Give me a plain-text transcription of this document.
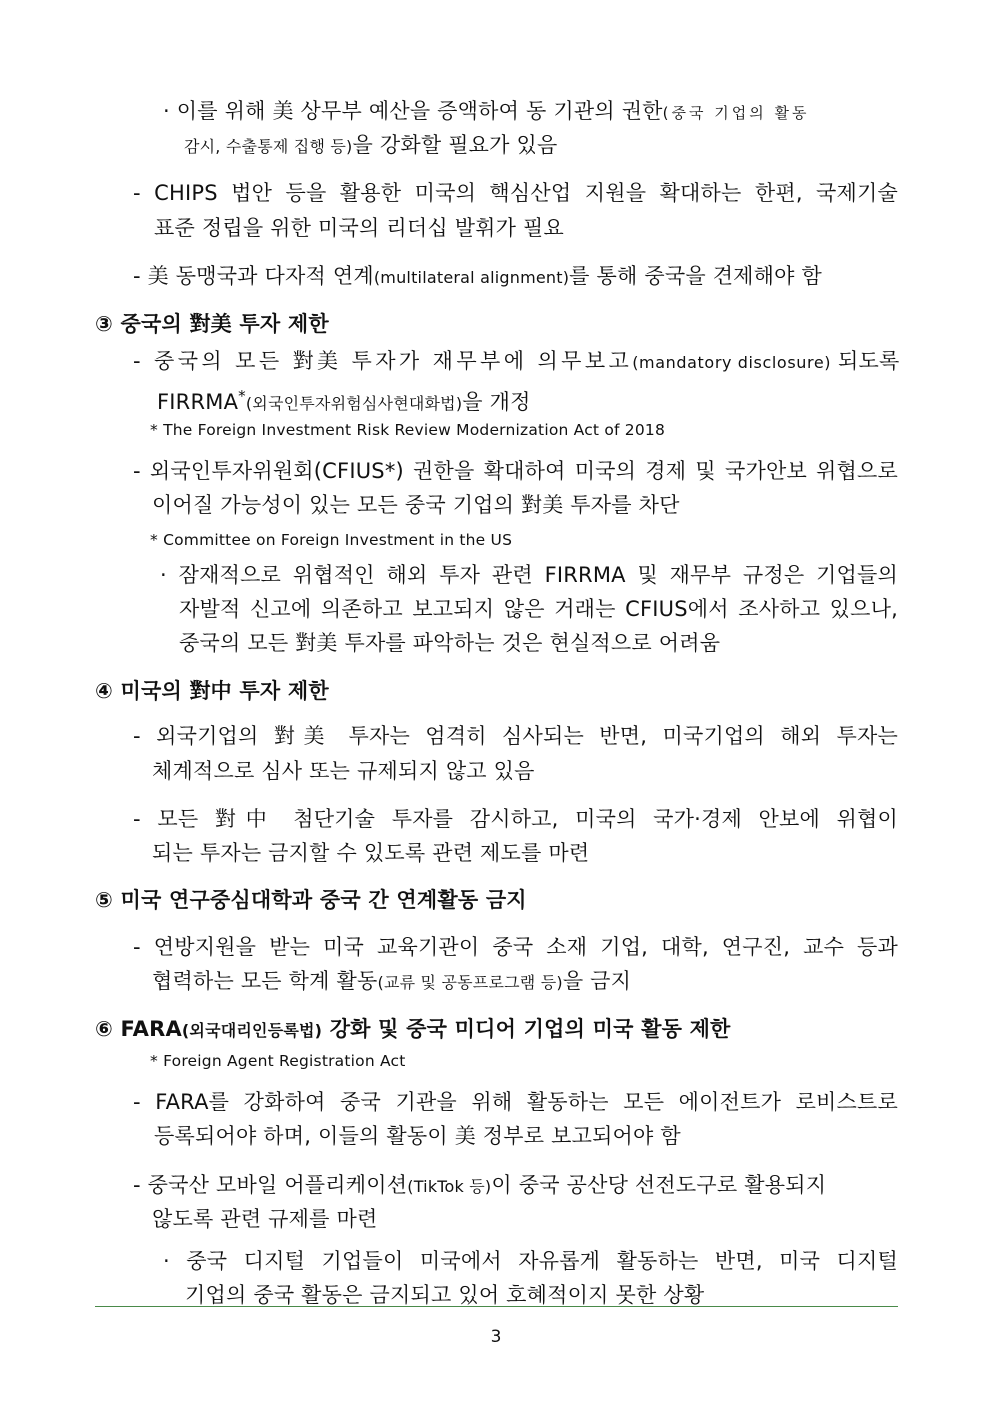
· 이를 위해 美 상무부 예산을 증액하여 동 기관의 권한(중국 기업의 활동
감시, 수출통제 집행 등)을 강화할 필요가 있음
- CHIPS 법안 등을 활용한 미국의 핵심산업 지원을 확대하는 한편, 국제기술
표준 정립을 위한 미국의 리더십 발휘가 필요
- 美 동맹국과 다자적 연계(multilateral alignment)를 통해 중국을 견제해야 함
③ 중국의 對美 투자 제한
- 중국의 모든 對美 투자가 재무부에 의무보고(mandatory disclosure) 되도록
FIRRMA*(외국인투자위험심사현대화법)을 개정
* The Foreign Investment Risk Review Modernization Act of 2018
- 외국인투자위원회(CFIUS*) 권한을 확대하여 미국의 경제 및 국가안보 위협으로
이어질 가능성이 있는 모든 중국 기업의 對美 투자를 차단
* Committee on Foreign Investment in the US
· 잠재적으로 위협적인 해외 투자 관련 FIRRMA 및 재무부 규정은 기업들의
자발적 신고에 의존하고 보고되지 않은 거래는 CFIUS에서 조사하고 있으나,
중국의 모든 對美 투자를 파악하는 것은 현실적으로 어려움
④ 미국의 對中 투자 제한
- 외국기업의 對美 투자는 엄격히 심사되는 반면, 미국기업의 해외 투자는
체계적으로 심사 또는 규제되지 않고 있음
- 모든 對中 첨단기술 투자를 감시하고, 미국의 국가·경제 안보에 위협이
되는 투자는 금지할 수 있도록 관련 제도를 마련
⑤ 미국 연구중심대학과 중국 간 연계활동 금지
- 연방지원을 받는 미국 교육기관이 중국 소재 기업, 대학, 연구진, 교수 등과
협력하는 모든 학계 활동(교류 및 공동프로그램 등)을 금지
⑥ FARA(외국대리인등록법) 강화 및 중국 미디어 기업의 미국 활동 제한
* Foreign Agent Registration Act
- FARA를 강화하여 중국 기관을 위해 활동하는 모든 에이전트가 로비스트로
등록되어야 하며, 이들의 활동이 美 정부로 보고되어야 함
- 중국산 모바일 어플리케이션(TikTok 등)이 중국 공산당 선전도구로 활용되지
않도록 관련 규제를 마련
· 중국 디지털 기업들이 미국에서 자유롭게 활동하는 반면, 미국 디지털
기업의 중국 활동은 금지되고 있어 호혜적이지 못한 상황
3
